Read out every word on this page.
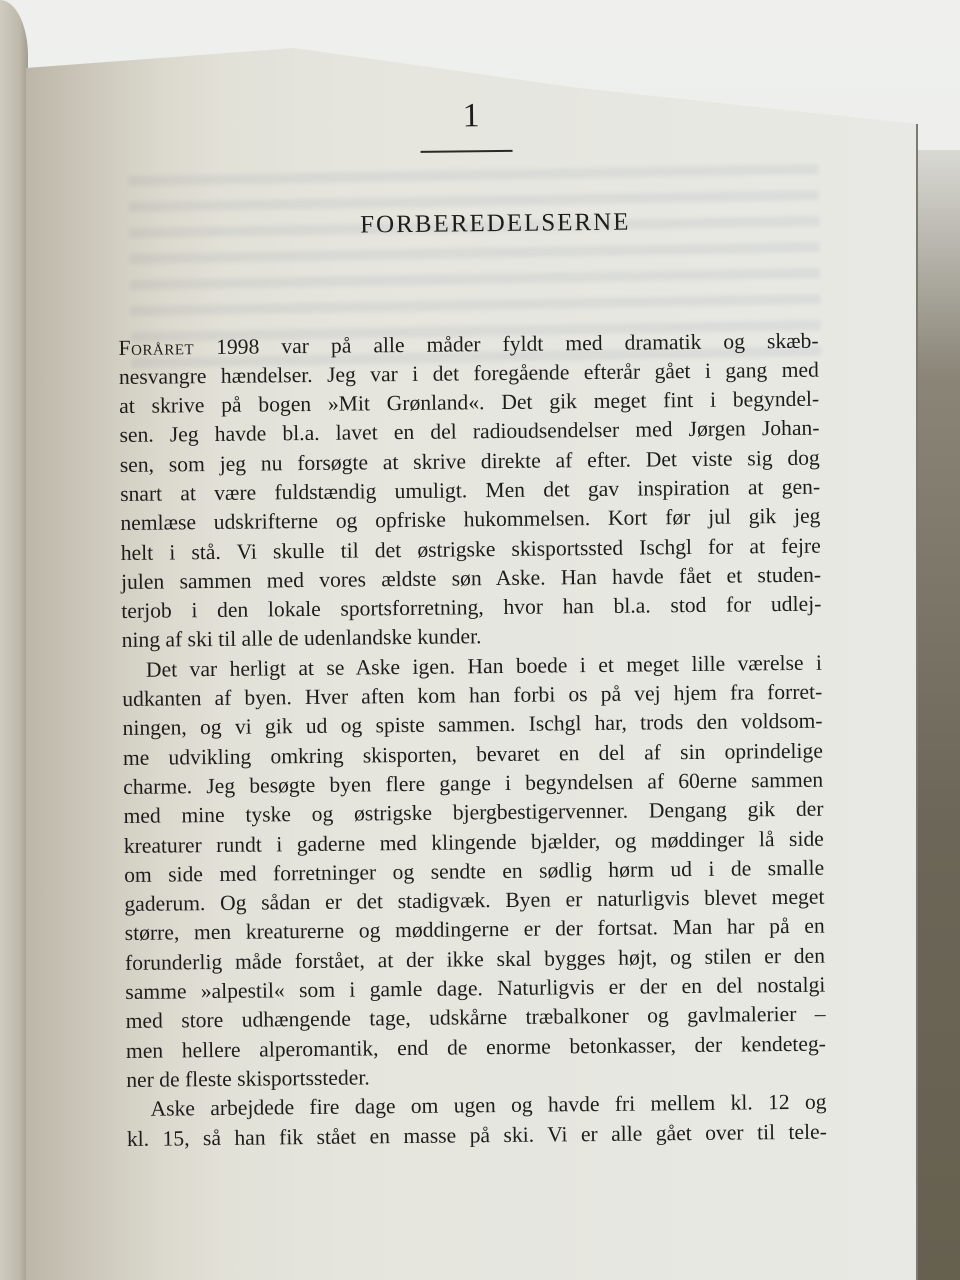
1
FORBEREDELSERNE
Foråret 1998 var på alle måder fyldt med dramatik og skæb-
nesvangre hændelser. Jeg var i det foregående efterår gået i gang med
at skrive på bogen »Mit Grønland«. Det gik meget fint i begyndel-
sen. Jeg havde bl.a. lavet en del radioudsendelser med Jørgen Johan-
sen, som jeg nu forsøgte at skrive direkte af efter. Det viste sig dog
snart at være fuldstændig umuligt. Men det gav inspiration at gen-
nemlæse udskrifterne og opfriske hukommelsen. Kort før jul gik jeg
helt i stå. Vi skulle til det østrigske skisportssted Ischgl for at fejre
julen sammen med vores ældste søn Aske. Han havde fået et studen-
terjob i den lokale sportsforretning, hvor han bl.a. stod for udlej-
ning af ski til alle de udenlandske kunder.
Det var herligt at se Aske igen. Han boede i et meget lille værelse i
udkanten af byen. Hver aften kom han forbi os på vej hjem fra forret-
ningen, og vi gik ud og spiste sammen. Ischgl har, trods den voldsom-
me udvikling omkring skisporten, bevaret en del af sin oprindelige
charme. Jeg besøgte byen flere gange i begyndelsen af 60erne sammen
med mine tyske og østrigske bjergbestigervenner. Dengang gik der
kreaturer rundt i gaderne med klingende bjælder, og møddinger lå side
om side med forretninger og sendte en sødlig hørm ud i de smalle
gaderum. Og sådan er det stadigvæk. Byen er naturligvis blevet meget
større, men kreaturerne og møddingerne er der fortsat. Man har på en
forunderlig måde forstået, at der ikke skal bygges højt, og stilen er den
samme »alpestil« som i gamle dage. Naturligvis er der en del nostalgi
med store udhængende tage, udskårne træbalkoner og gavlmalerier –
men hellere alperomantik, end de enorme betonkasser, der kendeteg-
ner de fleste skisportssteder.
Aske arbejdede fire dage om ugen og havde fri mellem kl. 12 og
kl. 15, så han fik stået en masse på ski. Vi er alle gået over til tele-
